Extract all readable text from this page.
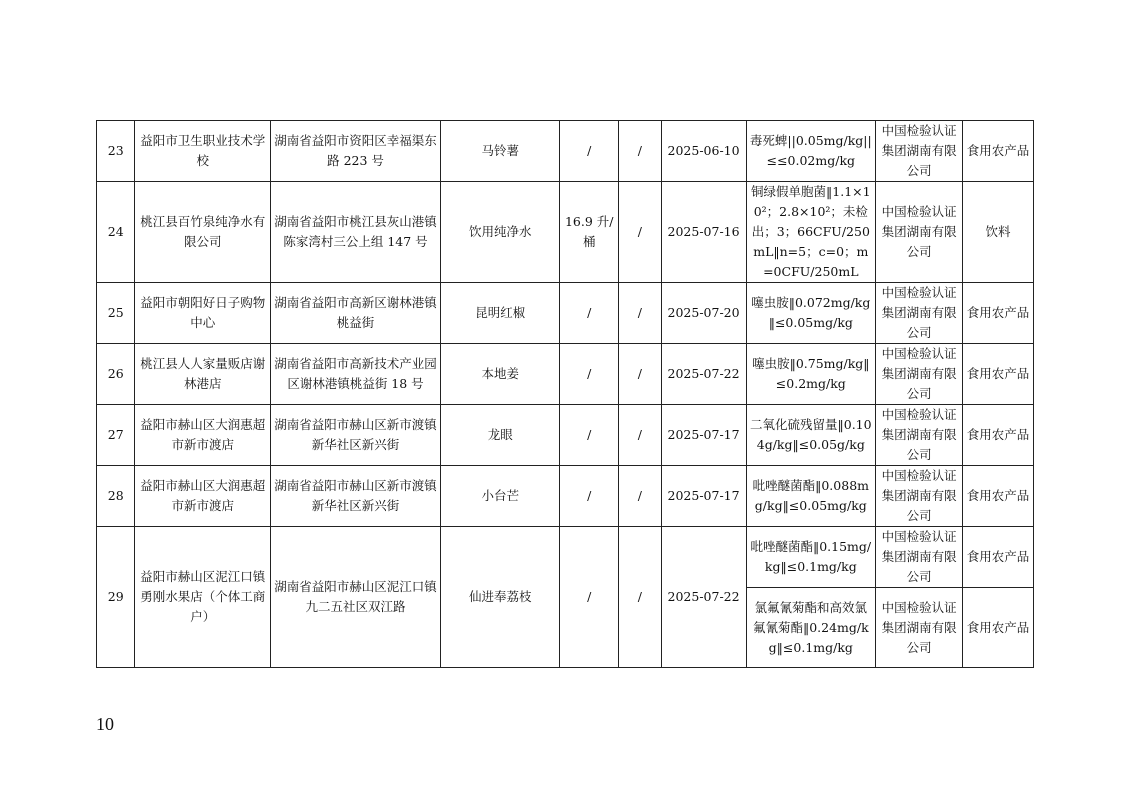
23	益阳市卫生职业技术学校	湖南省益阳市资阳区幸福渠东路 223 号	马铃薯	/	/	2025-06-10	毒死蜱||0.05mg/kg||≤≤0.02mg/kg	中国检验认证集团湖南有限公司	食用农产品
24	桃江县百竹泉纯净水有限公司	湖南省益阳市桃江县灰山港镇陈家湾村三公上组 147 号	饮用纯净水	16.9 升/桶	/	2025-07-16	铜绿假单胞菌‖1.1×10²；2.8×10²；未检出；3；66CFU/250mL‖n=5；c=0；m=0CFU/250mL	中国检验认证集团湖南有限公司	饮料
25	益阳市朝阳好日子购物中心	湖南省益阳市高新区谢林港镇桃益街	昆明红椒	/	/	2025-07-20	噻虫胺‖0.072mg/kg‖≤0.05mg/kg	中国检验认证集团湖南有限公司	食用农产品
26	桃江县人人家量贩店谢林港店	湖南省益阳市高新技术产业园区谢林港镇桃益街 18 号	本地姜	/	/	2025-07-22	噻虫胺‖0.75mg/kg‖≤0.2mg/kg	中国检验认证集团湖南有限公司	食用农产品
27	益阳市赫山区大润惠超市新市渡店	湖南省益阳市赫山区新市渡镇新华社区新兴街	龙眼	/	/	2025-07-17	二氧化硫残留量‖0.104g/kg‖≤0.05g/kg	中国检验认证集团湖南有限公司	食用农产品
28	益阳市赫山区大润惠超市新市渡店	湖南省益阳市赫山区新市渡镇新华社区新兴街	小台芒	/	/	2025-07-17	吡唑醚菌酯‖0.088mg/kg‖≤0.05mg/kg	中国检验认证集团湖南有限公司	食用农产品
29	益阳市赫山区泥江口镇勇刚水果店（个体工商户）	湖南省益阳市赫山区泥江口镇九二五社区双江路	仙进奉荔枝	/	/	2025-07-22	吡唑醚菌酯‖0.15mg/kg‖≤0.1mg/kg	中国检验认证集团湖南有限公司	食用农产品
							氯氟氰菊酯和高效氯氟氰菊酯‖0.24mg/kg‖≤0.1mg/kg	中国检验认证集团湖南有限公司	食用农产品
10
